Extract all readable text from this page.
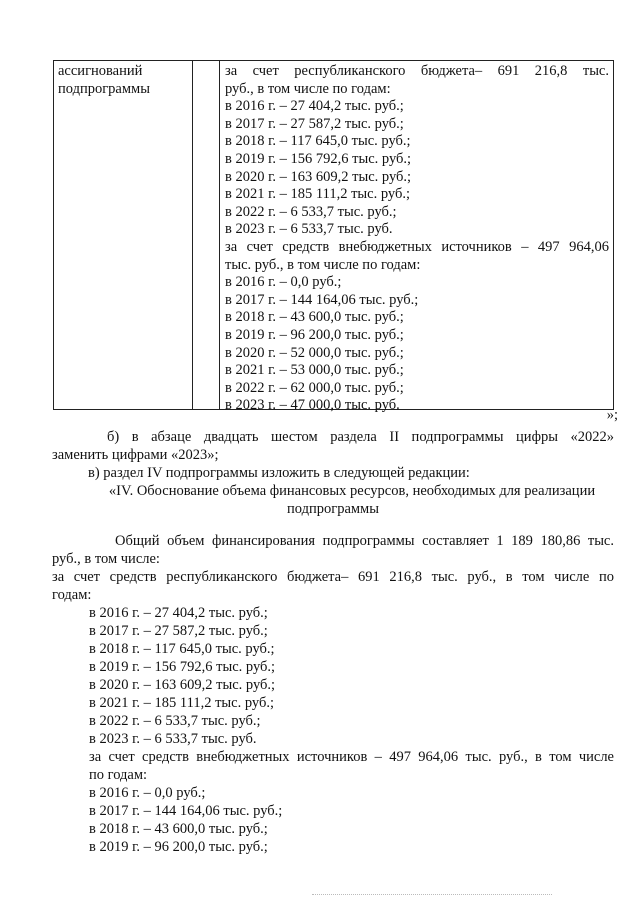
ассигнований
подпрограммы
за счет республиканского бюджета– 691 216,8 тыс.
руб., в том числе по годам:
в 2016 г. – 27 404,2 тыс. руб.;
в 2017 г. – 27 587,2 тыс. руб.;
в 2018 г. – 117 645,0 тыс. руб.;
в 2019 г. – 156 792,6 тыс. руб.;
в 2020 г. – 163 609,2 тыс. руб.;
в 2021 г. – 185 111,2 тыс. руб.;
в 2022 г. – 6 533,7 тыс. руб.;
в 2023 г. – 6 533,7 тыс. руб.
за счет средств внебюджетных источников – 497 964,06
тыс. руб., в том числе по годам:
в 2016 г. – 0,0 руб.;
в 2017 г. – 144 164,06 тыс. руб.;
в 2018 г. – 43 600,0 тыс. руб.;
в 2019 г. – 96 200,0 тыс. руб.;
в 2020 г. – 52 000,0 тыс. руб.;
в 2021 г. – 53 000,0 тыс. руб.;
в 2022 г. – 62 000,0 тыс. руб.;
в 2023 г. – 47 000,0 тыс. руб.
»;
б) в абзаце двадцать шестом раздела II подпрограммы цифры «2022»
заменить цифрами «2023»;
в) раздел IV подпрограммы изложить в следующей редакции:
«IV. Обоснование объема финансовых ресурсов, необходимых для реализации
подпрограммы
Общий объем финансирования подпрограммы составляет 1 189 180,86 тыс.
руб., в том числе:
за счет средств республиканского бюджета– 691 216,8 тыс. руб., в том числе по
годам:
в 2016 г. – 27 404,2 тыс. руб.;
в 2017 г. – 27 587,2 тыс. руб.;
в 2018 г. – 117 645,0 тыс. руб.;
в 2019 г. – 156 792,6 тыс. руб.;
в 2020 г. – 163 609,2 тыс. руб.;
в 2021 г. – 185 111,2 тыс. руб.;
в 2022 г. – 6 533,7 тыс. руб.;
в 2023 г. – 6 533,7 тыс. руб.
за счет средств внебюджетных источников – 497 964,06 тыс. руб., в том числе
по годам:
в 2016 г. – 0,0 руб.;
в 2017 г. – 144 164,06 тыс. руб.;
в 2018 г. – 43 600,0 тыс. руб.;
в 2019 г. – 96 200,0 тыс. руб.;
